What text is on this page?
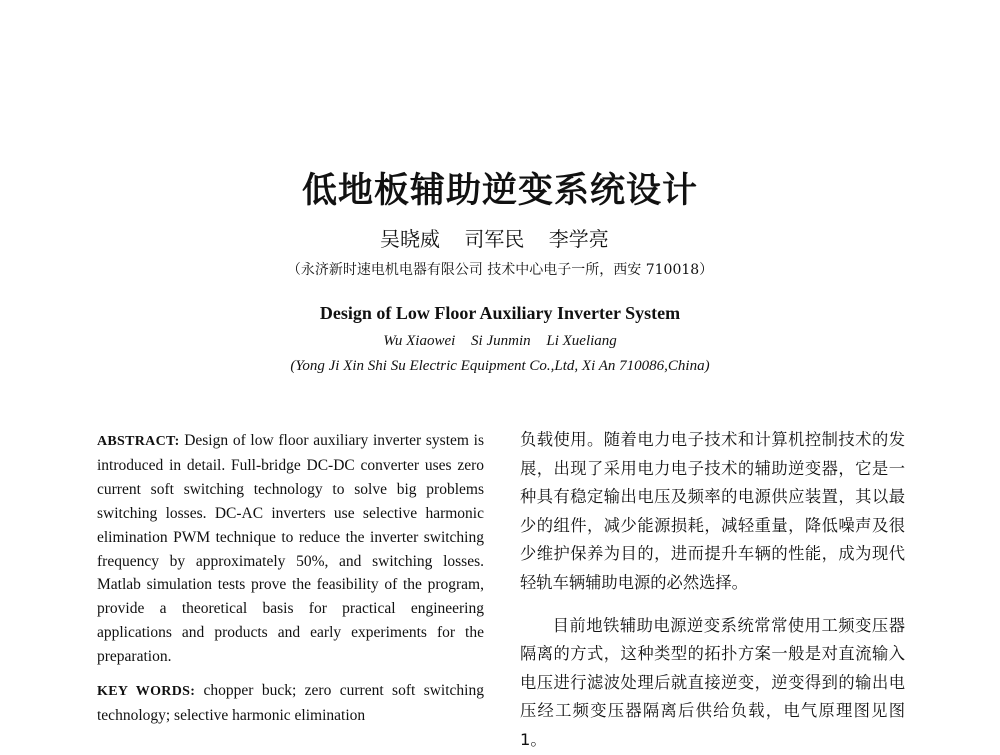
低地板辅助逆变系统设计
吴晓威 司军民 李学亮
（永济新时速电机电器有限公司 技术中心电子一所，西安 710018）
Design of Low Floor Auxiliary Inverter System
Wu Xiaowei Si Junmin Li Xueliang
(Yong Ji Xin Shi Su Electric Equipment Co.,Ltd, Xi An 710086,China)

ABSTRACT: Design of low floor auxiliary inverter system is introduced in detail. Full-bridge DC-DC converter uses zero current soft switching technology to solve big problems switching losses. DC-AC inverters use selective harmonic elimination PWM technique to reduce the inverter switching frequency by approximately 50%, and switching losses. Matlab simulation tests prove the feasibility of the program, provide a theoretical basis for practical engineering applications and products and early experiments for the preparation.

KEY WORDS: chopper buck; zero current soft switching technology; selective harmonic elimination

负载使用。随着电力电子技术和计算机控制技术的发展，出现了采用电力电子技术的辅助逆变器，它是一种具有稳定输出电压及频率的电源供应装置，其以最少的组件，减少能源损耗，减轻重量，降低噪声及很少维护保养为目的，进而提升车辆的性能，成为现代轻轨车辆辅助电源的必然选择。

目前地铁辅助电源逆变系统常常使用工频变压器隔离的方式，这种类型的拓扑方案一般是对直流输入电压进行滤波处理后就直接逆变，逆变得到的输出电压经工频变压器隔离后供给负载，电气原理图见图 1。
